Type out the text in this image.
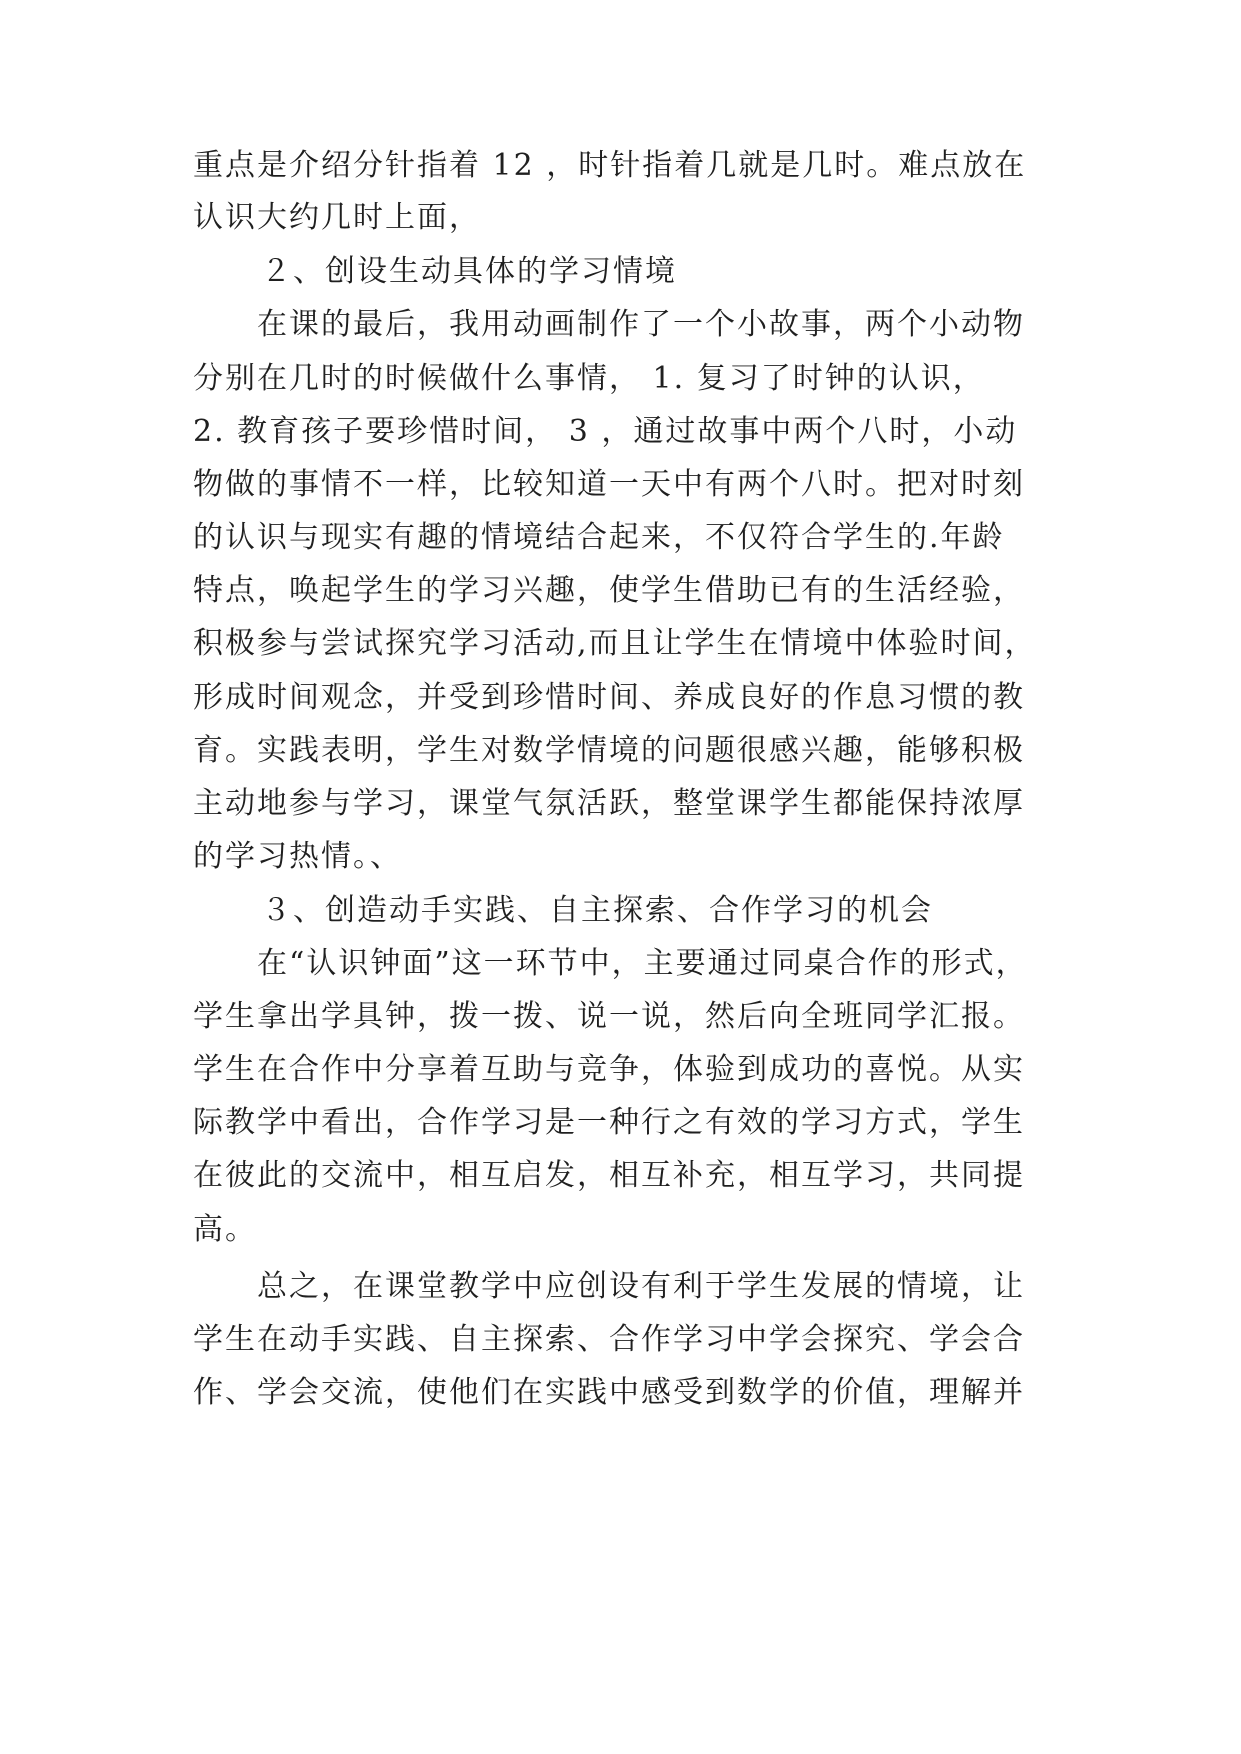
重点是介绍分针指着 12 ，时针指着几就是几时。难点放在
认识大约几时上面，
２、创设生动具体的学习情境
在课的最后，我用动画制作了一个小故事，两个小动物
分别在几时的时候做什么事情， 1. 复习了时钟的认识，
2. 教育孩子要珍惜时间， 3 ，通过故事中两个八时，小动
物做的事情不一样，比较知道一天中有两个八时。把对时刻
的认识与现实有趣的情境结合起来，不仅符合学生的.年龄
特点，唤起学生的学习兴趣，使学生借助已有的生活经验，
积极参与尝试探究学习活动,而且让学生在情境中体验时间，
形成时间观念，并受到珍惜时间、养成良好的作息习惯的教
育。实践表明，学生对数学情境的问题很感兴趣，能够积极
主动地参与学习，课堂气氛活跃，整堂课学生都能保持浓厚
的学习热情。、
３、创造动手实践、自主探索、合作学习的机会
在“认识钟面”这一环节中，主要通过同桌合作的形式，
学生拿出学具钟，拨一拨、说一说，然后向全班同学汇报。
学生在合作中分享着互助与竞争，体验到成功的喜悦。从实
际教学中看出，合作学习是一种行之有效的学习方式，学生
在彼此的交流中，相互启发，相互补充，相互学习，共同提
高。
总之，在课堂教学中应创设有利于学生发展的情境，让
学生在动手实践、自主探索、合作学习中学会探究、学会合
作、学会交流，使他们在实践中感受到数学的价值，理解并
